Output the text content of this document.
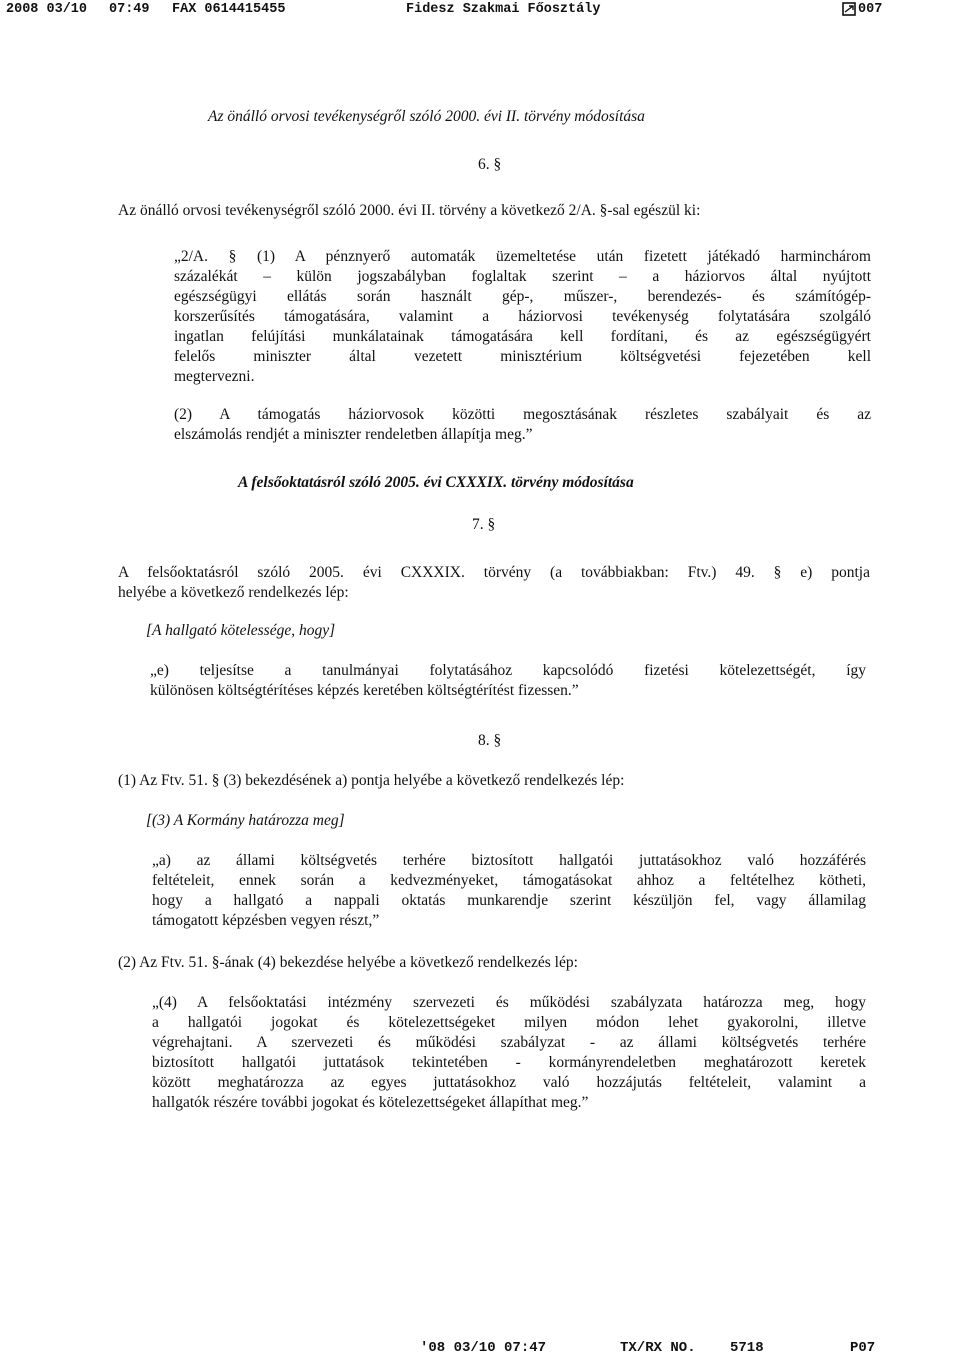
2008 03/10 07:49 FAX 0614415455	Fidesz Szakmai Főosztály	007
Az önálló orvosi tevékenységről szóló 2000. évi II. törvény módosítása
6. §
Az önálló orvosi tevékenységről szóló 2000. évi II. törvény a következő 2/A. §-sal egészül ki:
„2/A. § (1) A pénznyerő automaták üzemeltetése után fizetett játékadó harminchárom
százalékát – külön jogszabályban foglaltak szerint – a háziorvos által nyújtott
egészségügyi ellátás során használt gép-, műszer-, berendezés- és számítógép-
korszerűsítés támogatására, valamint a háziorvosi tevékenység folytatására szolgáló
ingatlan felújítási munkálatainak támogatására kell fordítani, és az egészségügyért
felelős miniszter által vezetett minisztérium költségvetési fejezetében kell
megtervezni.
(2) A támogatás háziorvosok közötti megosztásának részletes szabályait és az
elszámolás rendjét a miniszter rendeletben állapítja meg.”
A felsőoktatásról szóló 2005. évi CXXXIX. törvény módosítása
7. §
A felsőoktatásról szóló 2005. évi CXXXIX. törvény (a továbbiakban: Ftv.) 49. § e) pontja
helyébe a következő rendelkezés lép:
[A hallgató kötelessége, hogy]
„e) teljesítse a tanulmányai folytatásához kapcsolódó fizetési kötelezettségét, így
különösen költségtérítéses képzés keretében költségtérítést fizessen.”
8. §
(1) Az Ftv. 51. § (3) bekezdésének a) pontja helyébe a következő rendelkezés lép:
[(3) A Kormány határozza meg]
„a) az állami költségvetés terhére biztosított hallgatói juttatásokhoz való hozzáférés
feltételeit, ennek során a kedvezményeket, támogatásokat ahhoz a feltételhez kötheti,
hogy a hallgató a nappali oktatás munkarendje szerint készüljön fel, vagy államilag
támogatott képzésben vegyen részt,”
(2) Az Ftv. 51. §-ának (4) bekezdése helyébe a következő rendelkezés lép:
„(4) A felsőoktatási intézmény szervezeti és működési szabályzata határozza meg, hogy
a hallgatói jogokat és kötelezettségeket milyen módon lehet gyakorolni, illetve
végrehajtani. A szervezeti és működési szabályzat - az állami költségvetés terhére
biztosított hallgatói juttatások tekintetében - kormányrendeletben meghatározott keretek
között meghatározza az egyes juttatásokhoz való hozzájutás feltételeit, valamint a
hallgatók részére további jogokat és kötelezettségeket állapíthat meg.”
'08 03/10 07:47	TX/RX NO. 5718	P07
